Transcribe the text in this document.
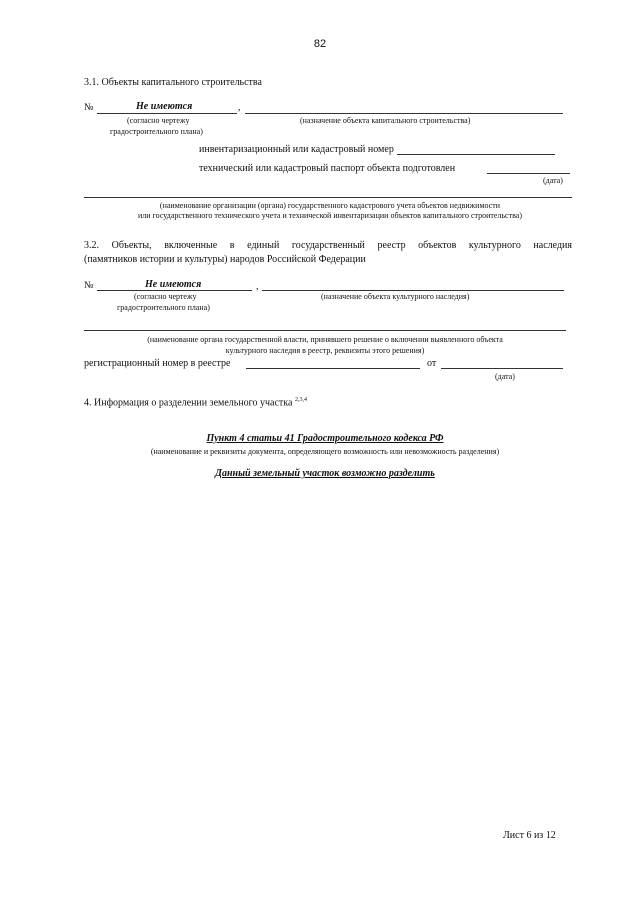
82
3.1. Объекты капитального строительства
№	Не имеются	,
(согласно чертежу
градостроительного плана)
(назначение объекта капитального строительства)
инвентаризационный или кадастровый номер
технический или кадастровый паспорт объекта подготовлен
(дата)
(наименование организации (органа) государственного кадастрового учета объектов недвижимости
или государственного технического учета и технической инвентаризации объектов капитального строительства)
3.2. Объекты, включенные в единый государственный реестр объектов культурного наследия
(памятников истории и культуры) народов Российской Федерации
№	Не имеются	,
(согласно чертежу
градостроительного плана)
(назначение объекта культурного наследия)
(наименование органа государственной власти, принявшего решение о включении выявленного объекта
культурного наследия в реестр, реквизиты этого решения)
регистрационный номер в реестре	от
(дата)
4. Информация о разделении земельного участка $^{2,3,4}$
Пункт 4 статьи 41 Градостроительного кодекса РФ
(наименование и реквизиты документа, определяющего возможность или невозможность разделения)
Данный земельный участок возможно разделить
Лист 6 из 12
